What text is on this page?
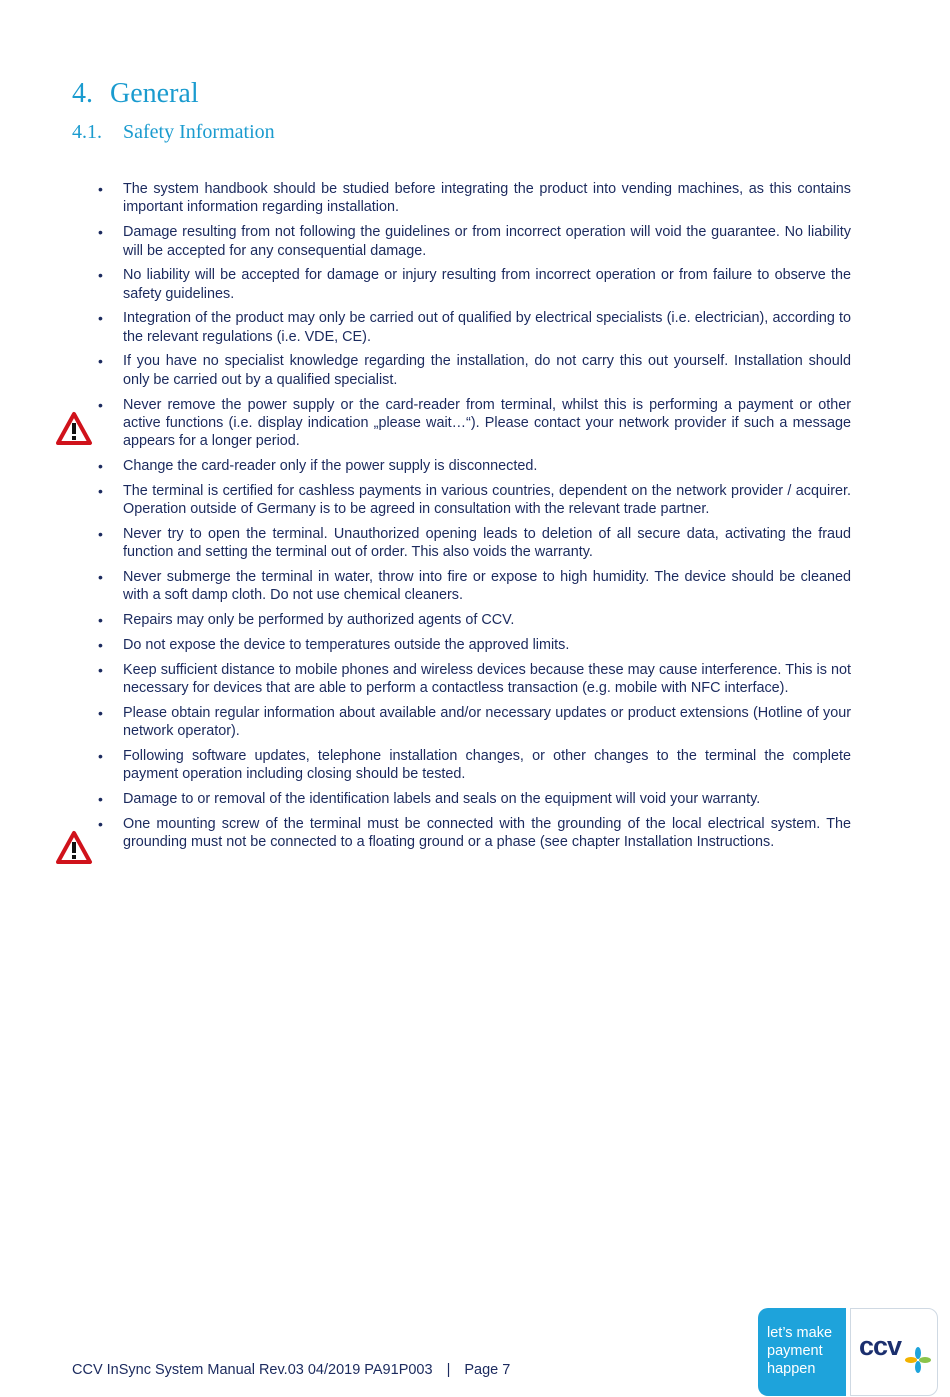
4. General
4.1. Safety Information
• The system handbook should be studied before integrating the product into vending machines, as this contains important information regarding installation.
• Damage resulting from not following the guidelines or from incorrect operation will void the guarantee. No liability will be accepted for any consequential damage.
• No liability will be accepted for damage or injury resulting from incorrect operation or from failure to observe the safety guidelines.
• Integration of the product may only be carried out of qualified by electrical specialists (i.e. electrician), according to the relevant regulations (i.e. VDE, CE).
• If you have no specialist knowledge regarding the installation, do not carry this out yourself. Installation should only be carried out by a qualified specialist.
• Never remove the power supply or the card-reader from terminal, whilst this is performing a payment or other active functions (i.e. display indication „please wait…“). Please contact your network provider if such a message appears for a longer period.
• Change the card-reader only if the power supply is disconnected.
• The terminal is certified for cashless payments in various countries, dependent on the network provider / acquirer. Operation outside of Germany is to be agreed in consultation with the relevant trade partner.
• Never try to open the terminal. Unauthorized opening leads to deletion of all secure data, activating the fraud function and setting the terminal out of order. This also voids the warranty.
• Never submerge the terminal in water, throw into fire or expose to high humidity. The device should be cleaned with a soft damp cloth. Do not use chemical cleaners.
• Repairs may only be performed by authorized agents of CCV.
• Do not expose the device to temperatures outside the approved limits.
• Keep sufficient distance to mobile phones and wireless devices because these may cause interference. This is not necessary for devices that are able to perform a contactless transaction (e.g. mobile with NFC interface).
• Please obtain regular information about available and/or necessary updates or product extensions (Hotline of your network operator).
• Following software updates, telephone installation changes, or other changes to the terminal the complete payment operation including closing should be tested.
• Damage to or removal of the identification labels and seals on the equipment will void your warranty.
• One mounting screw of the terminal must be connected with the grounding of the local electrical system. The grounding must not be connected to a floating ground or a phase (see chapter Installation Instructions.
CCV InSync System Manual Rev.03 04/2019 PA91P003 | Page 7
let’s make
payment
happen
ccv
